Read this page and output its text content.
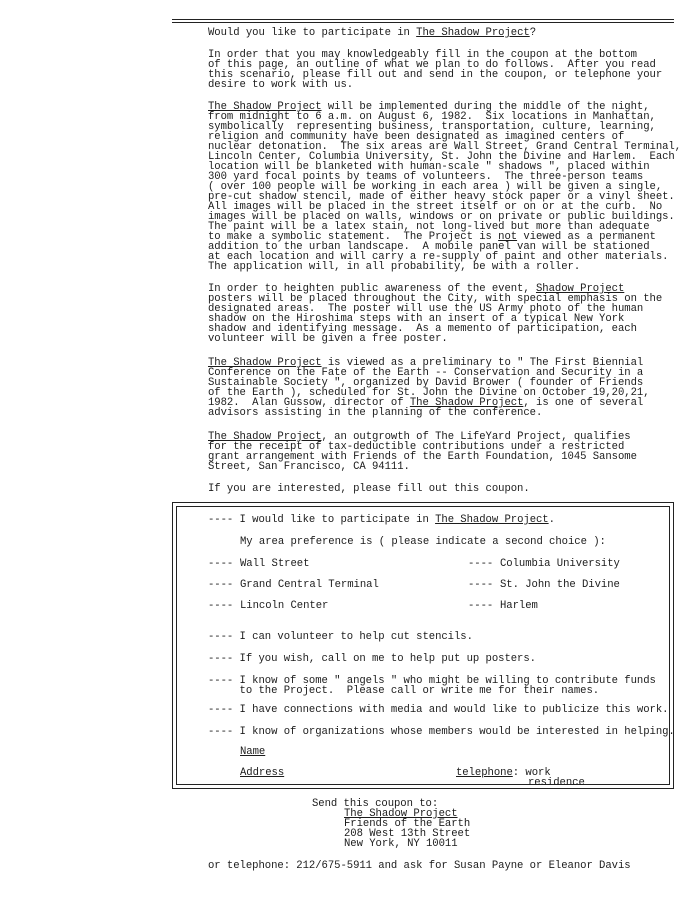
Would you like to participate in The Shadow Project?
In order that you may knowledgeably fill in the coupon at the bottom
of this page, an outline of what we plan to do follows.  After you read
this scenario, please fill out and send in the coupon, or telephone your
desire to work with us.
The Shadow Project will be implemented during the middle of the night,
from midnight to 6 a.m. on August 6, 1982.  Six locations in Manhattan,
symbolically  representing business, transportation, culture, learning,
religion and community have been designated as imagined centers of
nuclear detonation.  The six areas are Wall Street, Grand Central Terminal,
Lincoln Center, Columbia University, St. John the Divine and Harlem.  Each
location will be blanketed with human-scale " shadows ", placed within
300 yard focal points by teams of volunteers.  The three-person teams
( over 100 people will be working in each area ) will be given a single,
pre-cut shadow stencil, made of either heavy stock paper or a vinyl sheet.
All images will be placed in the street itself or on or at the curb.  No
images will be placed on walls, windows or on private or public buildings.
The paint will be a latex stain, not long-lived but more than adequate
to make a symbolic statement.  The Project is not viewed as a permanent
addition to the urban landscape.  A mobile panel van will be stationed
at each location and will carry a re-supply of paint and other materials.
The application will, in all probability, be with a roller.
In order to heighten public awareness of the event, Shadow Project
posters will be placed throughout the City, with special emphasis on the
designated areas.  The poster will use the US Army photo of the human
shadow on the Hiroshima steps with an insert of a typical New York
shadow and identifying message.  As a memento of participation, each
volunteer will be given a free poster.
The Shadow Project is viewed as a preliminary to " The First Biennial
Conference on the Fate of the Earth -- Conservation and Security in a
Sustainable Society ", organized by David Brower ( founder of Friends
of the Earth ), scheduled for St. John the Divine on October 19,20,21,
1982.  Alan Gussow, director of The Shadow Project, is one of several
advisors assisting in the planning of the conference.
The Shadow Project, an outgrowth of The LifeYard Project, qualifies
for the receipt of tax-deductible contributions under a restricted
grant arrangement with Friends of the Earth Foundation, 1045 Sansome
Street, San Francisco, CA 94111.
If you are interested, please fill out this coupon.
---- I would like to participate in The Shadow Project.
My area preference is ( please indicate a second choice ):
---- Wall Street	---- Columbia University
---- Grand Central Terminal	---- St. John the Divine
---- Lincoln Center	---- Harlem
---- I can volunteer to help cut stencils.
---- If you wish, call on me to help put up posters.
---- I know of some " angels " who might be willing to contribute funds
to the Project.  Please call or write me for their names.
---- I have connections with media and would like to publicize this work.
---- I know of organizations whose members would be interested in helping.
Name
Address	telephone: work
residence
Send this coupon to:
The Shadow Project
Friends of the Earth
208 West 13th Street
New York, NY 10011
or telephone: 212/675-5911 and ask for Susan Payne or Eleanor Davis
